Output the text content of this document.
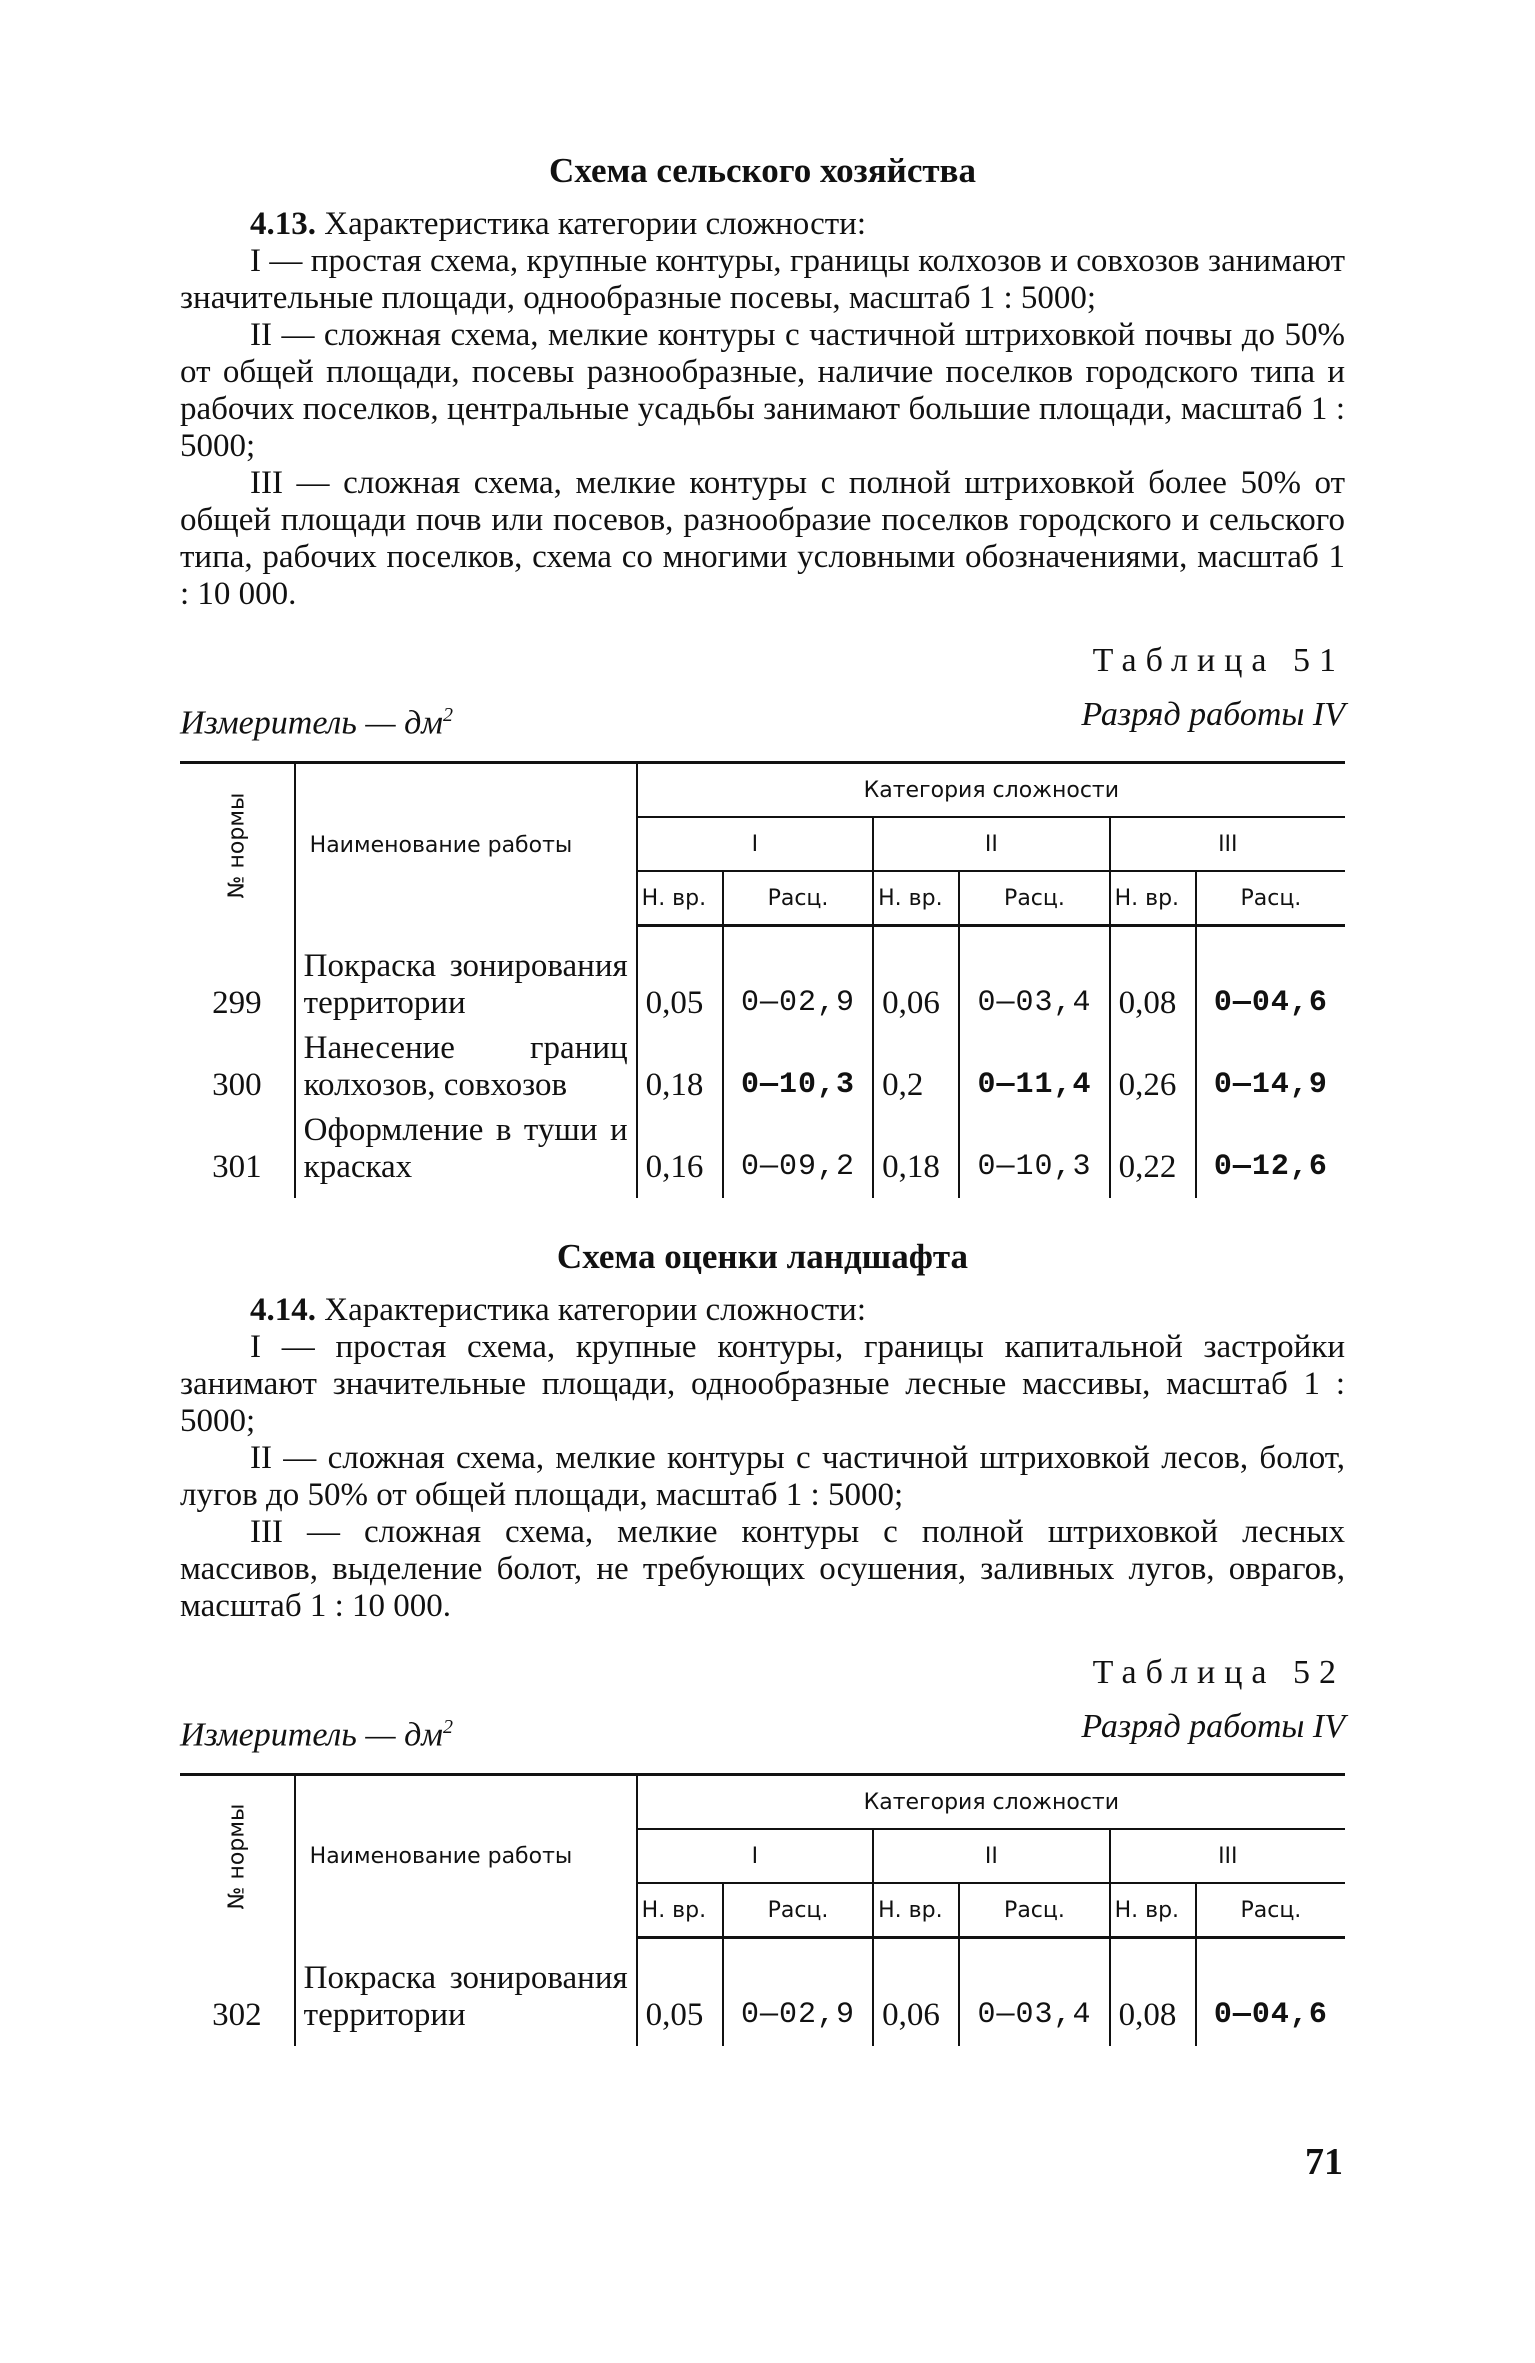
Схема сельского хозяйства

4.13. Характеристика категории сложности:

I — простая схема, крупные контуры, границы колхозов и совхозов занимают значительные площади, однообразные посевы, масштаб 1 : 5000;

II — сложная схема, мелкие контуры с частичной штриховкой почвы до 50% от общей площади, посевы разнообразные, наличие поселков городского типа и рабочих поселков, центральные усадьбы занимают большие площади, масштаб 1 : 5000;

III — сложная схема, мелкие контуры с полной штриховкой более 50% от общей площади почв или посевов, разнообразие поселков городского и сельского типа, рабочих поселков, схема со многими условными обозначениями, масштаб 1 : 10 000.

Таблица 51
Измеритель — $дм^2$	Разряд работы IV
№ нормы	Наименование работы	Категория сложности					
		I		II		III	
		Н. вр.	Расц.	Н. вр.	Расц.	Н. вр.	Расц.
299	Покраска зонирования территории	0,05	0—02,9	0,06	0—03,4	0,08	0—04,6
300	Нанесение границ колхозов, совхозов	0,18	0—10,3	0,2	0—11,4	0,26	0—14,9
301	Оформление в туши и красках	0,16	0—09,2	0,18	0—10,3	0,22	0—12,6
Схема оценки ландшафта

4.14. Характеристика категории сложности:

I — простая схема, крупные контуры, границы капитальной застройки занимают значительные площади, однообразные лесные массивы, масштаб 1 : 5000;

II — сложная схема, мелкие контуры с частичной штриховкой лесов, болот, лугов до 50% от общей площади, масштаб 1 : 5000;

III — сложная схема, мелкие контуры с полной штриховкой лесных массивов, выделение болот, не требующих осушения, заливных лугов, оврагов, масштаб 1 : 10 000.

Таблица 52
Измеритель — $дм^2$	Разряд работы IV
№ нормы	Наименование работы	Категория сложности					
		I		II		III	
		Н. вр.	Расц.	Н. вр.	Расц.	Н. вр.	Расц.
302	Покраска зонирования территории	0,05	0—02,9	0,06	0—03,4	0,08	0—04,6
71
